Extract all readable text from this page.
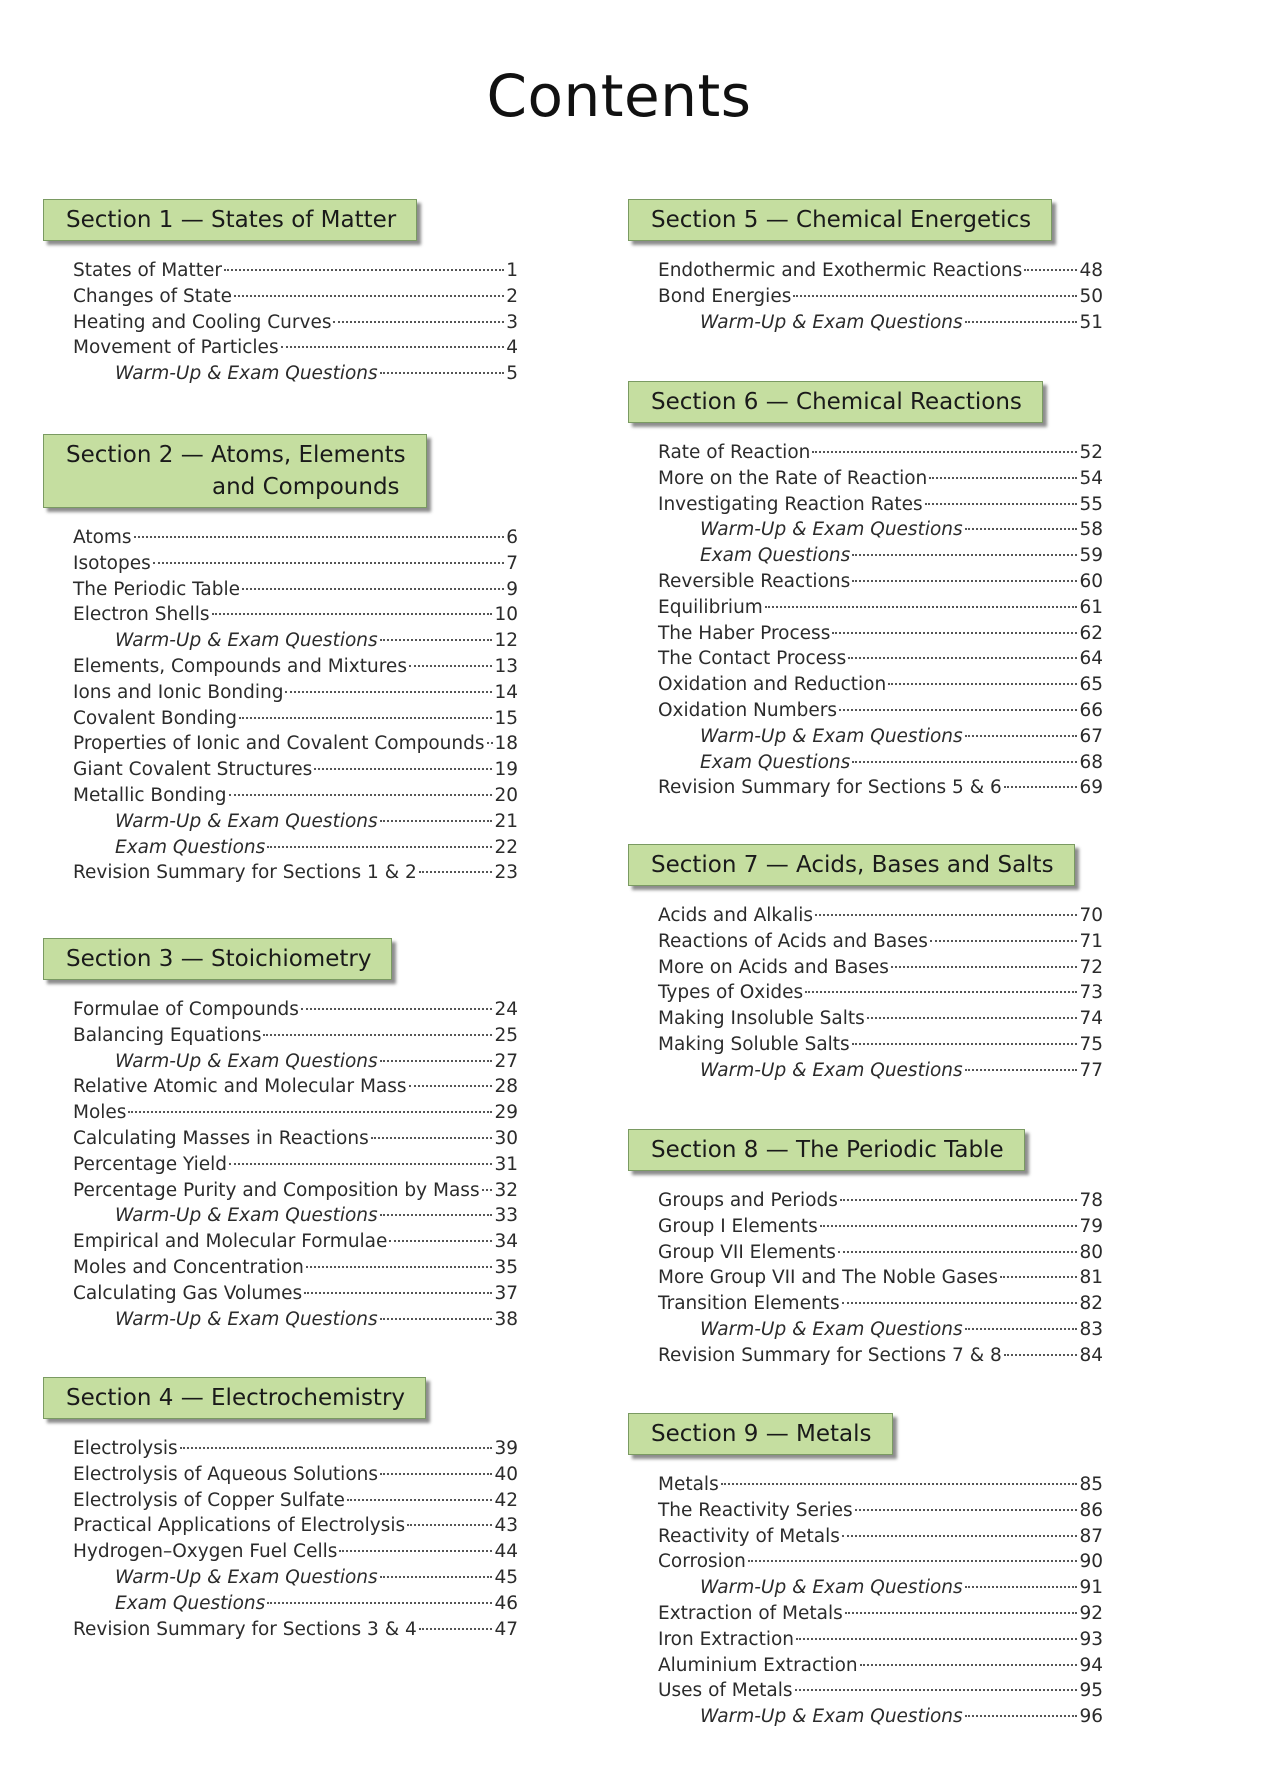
Contents
Section 1 — States of Matter
States of Matter	1
Changes of State	2
Heating and Cooling Curves	3
Movement of Particles	4
Warm-Up & Exam Questions	5
Section 2 — Atoms, Elements
and Compounds
Atoms	6
Isotopes	7
The Periodic Table	9
Electron Shells	10
Warm-Up & Exam Questions	12
Elements, Compounds and Mixtures	13
Ions and Ionic Bonding	14
Covalent Bonding	15
Properties of Ionic and Covalent Compounds 18
Giant Covalent Structures	19
Metallic Bonding	20
Warm-Up & Exam Questions	21
Exam Questions	22
Revision Summary for Sections 1 & 2	23
Section 3 — Stoichiometry
Formulae of Compounds	24
Balancing Equations	25
Warm-Up & Exam Questions	27
Relative Atomic and Molecular Mass	28
Moles	29
Calculating Masses in Reactions	30
Percentage Yield	31
Percentage Purity and Composition by Mass 32
Warm-Up & Exam Questions	33
Empirical and Molecular Formulae	34
Moles and Concentration	35
Calculating Gas Volumes	37
Warm-Up & Exam Questions	38
Section 4 — Electrochemistry
Electrolysis	39
Electrolysis of Aqueous Solutions	40
Electrolysis of Copper Sulfate	42
Practical Applications of Electrolysis	43
Hydrogen–Oxygen Fuel Cells	44
Warm-Up & Exam Questions	45
Exam Questions	46
Revision Summary for Sections 3 & 4	47
Section 5 — Chemical Energetics
Endothermic and Exothermic Reactions	48
Bond Energies	50
Warm-Up & Exam Questions	51
Section 6 — Chemical Reactions
Rate of Reaction	52
More on the Rate of Reaction	54
Investigating Reaction Rates	55
Warm-Up & Exam Questions	58
Exam Questions	59
Reversible Reactions	60
Equilibrium	61
The Haber Process	62
The Contact Process	64
Oxidation and Reduction	65
Oxidation Numbers	66
Warm-Up & Exam Questions	67
Exam Questions	68
Revision Summary for Sections 5 & 6	69
Section 7 — Acids, Bases and Salts
Acids and Alkalis	70
Reactions of Acids and Bases	71
More on Acids and Bases	72
Types of Oxides	73
Making Insoluble Salts	74
Making Soluble Salts	75
Warm-Up & Exam Questions	77
Section 8 — The Periodic Table
Groups and Periods	78
Group I Elements	79
Group VII Elements	80
More Group VII and The Noble Gases	81
Transition Elements	82
Warm-Up & Exam Questions	83
Revision Summary for Sections 7 & 8	84
Section 9 — Metals
Metals	85
The Reactivity Series	86
Reactivity of Metals	87
Corrosion	90
Warm-Up & Exam Questions	91
Extraction of Metals	92
Iron Extraction	93
Aluminium Extraction	94
Uses of Metals	95
Warm-Up & Exam Questions	96
